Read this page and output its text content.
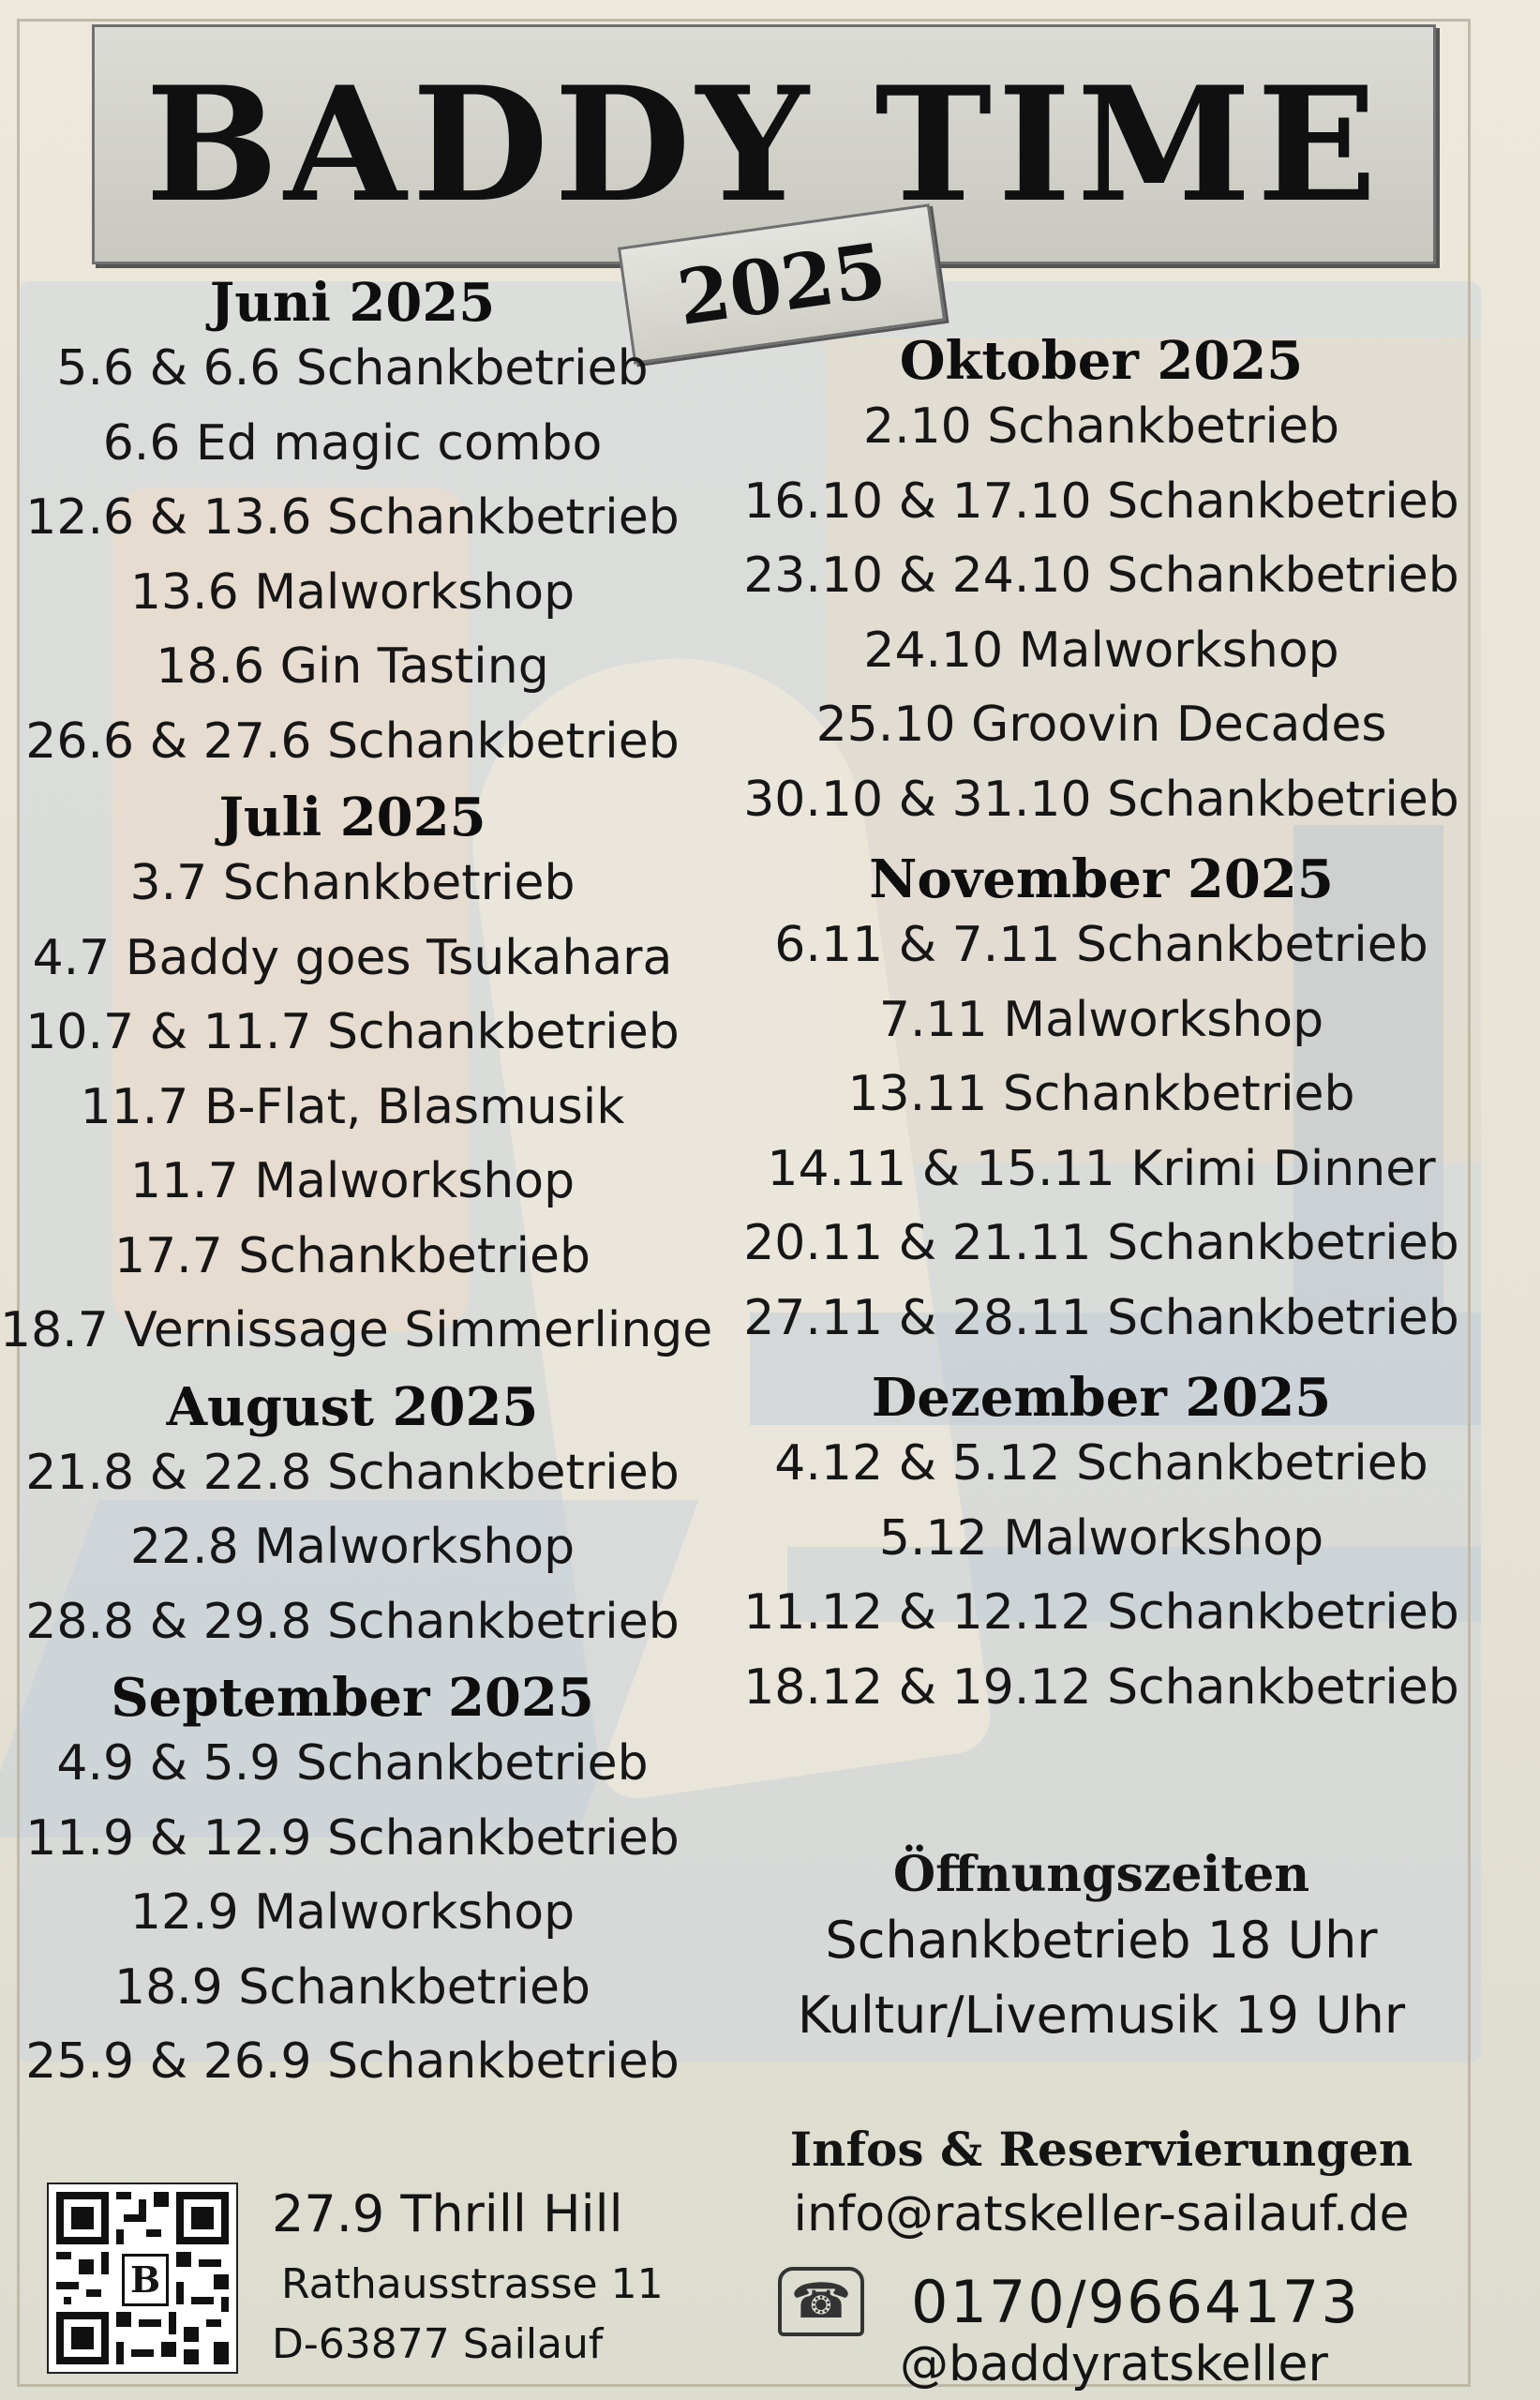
BADDY TIME
2025
Juni 2025

5.6 & 6.6 Schankbetrieb

6.6 Ed magic combo

12.6 & 13.6 Schankbetrieb

13.6 Malworkshop

18.6 Gin Tasting

26.6 & 27.6 Schankbetrieb

Juli 2025

3.7 Schankbetrieb

4.7 Baddy goes Tsukahara

10.7 & 11.7 Schankbetrieb

11.7 B-Flat, Blasmusik

11.7 Malworkshop

17.7 Schankbetrieb

18.7 Vernissage Simmerlinge

August 2025

21.8 & 22.8 Schankbetrieb

22.8 Malworkshop

28.8 & 29.8 Schankbetrieb

September 2025

4.9 & 5.9 Schankbetrieb

11.9 & 12.9 Schankbetrieb

12.9 Malworkshop

18.9 Schankbetrieb

25.9 & 26.9 Schankbetrieb

Oktober 2025

2.10 Schankbetrieb

16.10 & 17.10 Schankbetrieb

23.10 & 24.10 Schankbetrieb

24.10 Malworkshop

25.10 Groovin Decades

30.10 & 31.10 Schankbetrieb

November 2025

6.11 & 7.11 Schankbetrieb

7.11 Malworkshop

13.11 Schankbetrieb

14.11 & 15.11 Krimi Dinner

20.11 & 21.11 Schankbetrieb

27.11 & 28.11 Schankbetrieb

Dezember 2025

4.12 & 5.12 Schankbetrieb

5.12 Malworkshop

11.12 & 12.12 Schankbetrieb

18.12 & 19.12 Schankbetrieb

Öffnungszeiten
Schankbetrieb 18 Uhr
Kultur/Livemusik 19 Uhr
Infos & Reservierungen
info@ratskeller-sailauf.de
☎ 0170/9664173
@baddyratskeller
B
27.9 Thrill Hill
Rathausstrasse 11
D-63877 Sailauf
